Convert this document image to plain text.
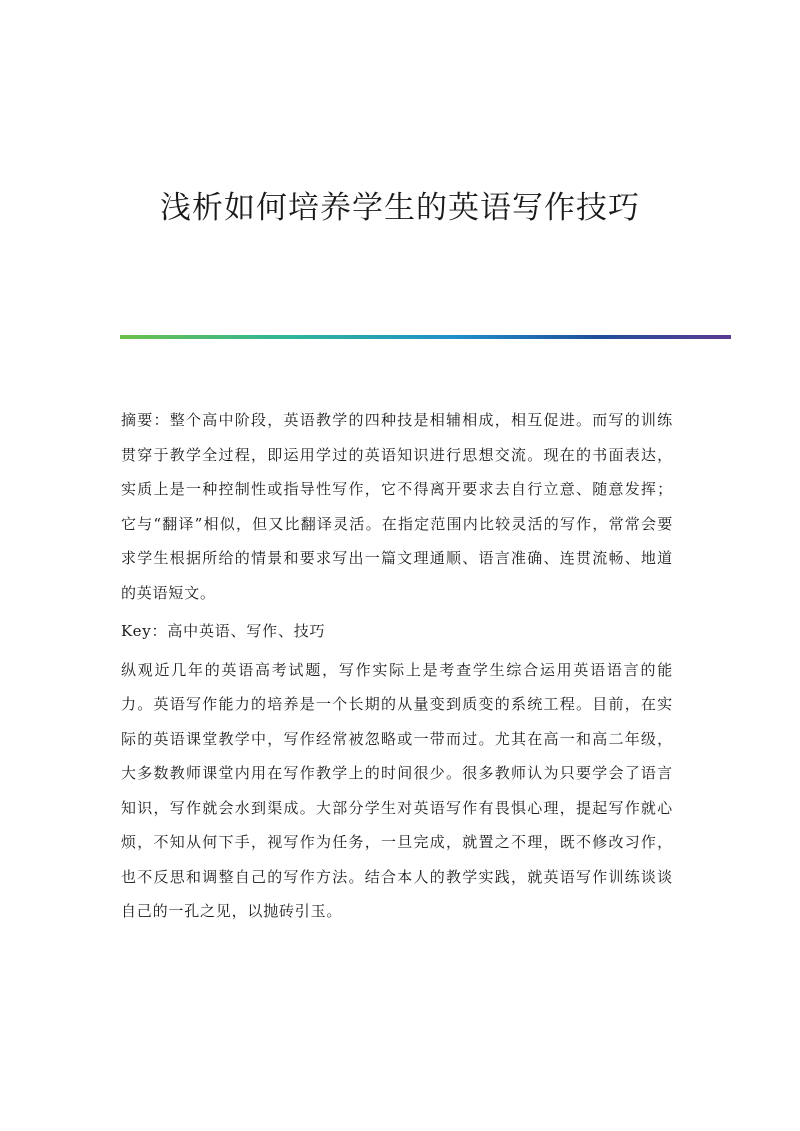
浅析如何培养学生的英语写作技巧

摘要：整个高中阶段，英语教学的四种技是相辅相成，相互促进。而写的训练贯穿于教学全过程，即运用学过的英语知识进行思想交流。现在的书面表达，实质上是一种控制性或指导性写作，它不得离开要求去自行立意、随意发挥；它与“翻译”相似，但又比翻译灵活。在指定范围内比较灵活的写作，常常会要求学生根据所给的情景和要求写出一篇文理通顺、语言准确、连贯流畅、地道的英语短文。

Key：高中英语、写作、技巧

纵观近几年的英语高考试题，写作实际上是考查学生综合运用英语语言的能力。英语写作能力的培养是一个长期的从量变到质变的系统工程。目前，在实际的英语课堂教学中，写作经常被忽略或一带而过。尤其在高一和高二年级，大多数教师课堂内用在写作教学上的时间很少。很多教师认为只要学会了语言知识，写作就会水到渠成。大部分学生对英语写作有畏惧心理，提起写作就心烦，不知从何下手，视写作为任务，一旦完成，就置之不理，既不修改习作，也不反思和调整自己的写作方法。结合本人的教学实践，就英语写作训练谈谈自己的一孔之见，以抛砖引玉。
